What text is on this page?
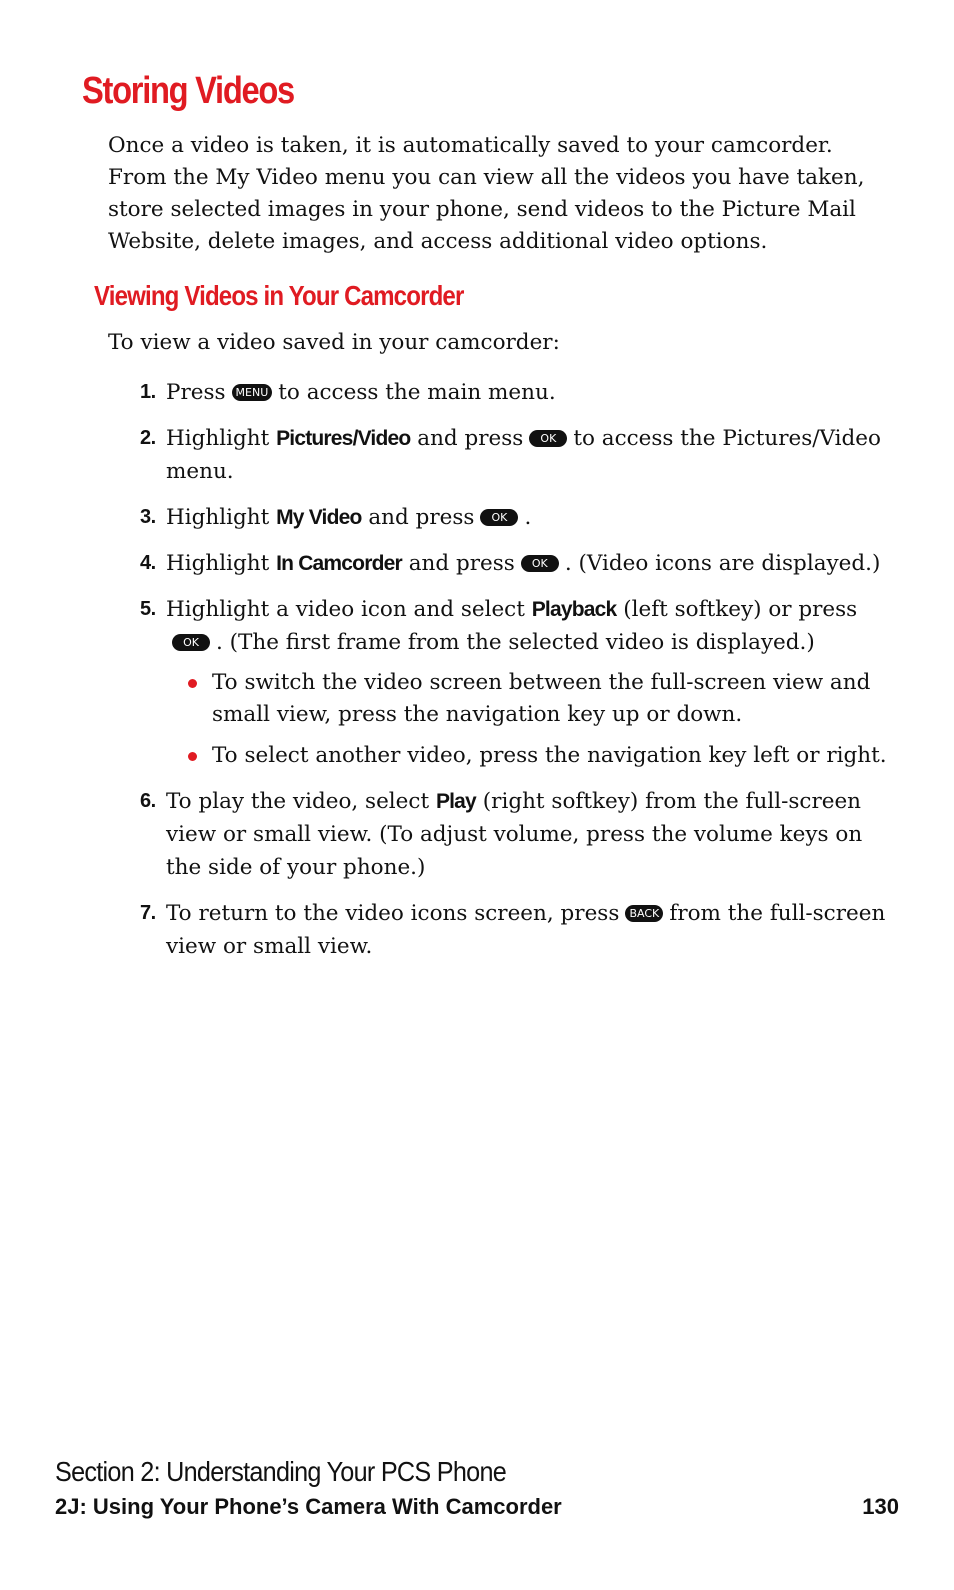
Storing Videos

Once a video is taken, it is automatically saved to your camcorder. From the My Video menu you can view all the videos you have taken, store selected images in your phone, send videos to the Picture Mail Website, delete images, and access additional video options.

Viewing Videos in Your Camcorder

To view a video saved in your camcorder:

1. Press MENU to access the main menu.
2. Highlight Pictures/Video and press OK to access the Pictures/Video menu.
3. Highlight My Video and press OK .
4. Highlight In Camcorder and press OK . (Video icons are displayed.)
5. Highlight a video icon and select Playback (left softkey) or pressOK . (The first frame from the selected video is displayed.)
To switch the video screen between the full-screen view and small view, press the navigation key up or down.
To select another video, press the navigation key left or right.
6. To play the video, select Play (right softkey) from the full-screen view or small view. (To adjust volume, press the volume keys on the side of your phone.)
7. To return to the video icons screen, press BACK from the full-screen view or small view.

Section 2: Understanding Your PCS Phone

2J: Using Your Phone’s Camera With Camcorder	130
